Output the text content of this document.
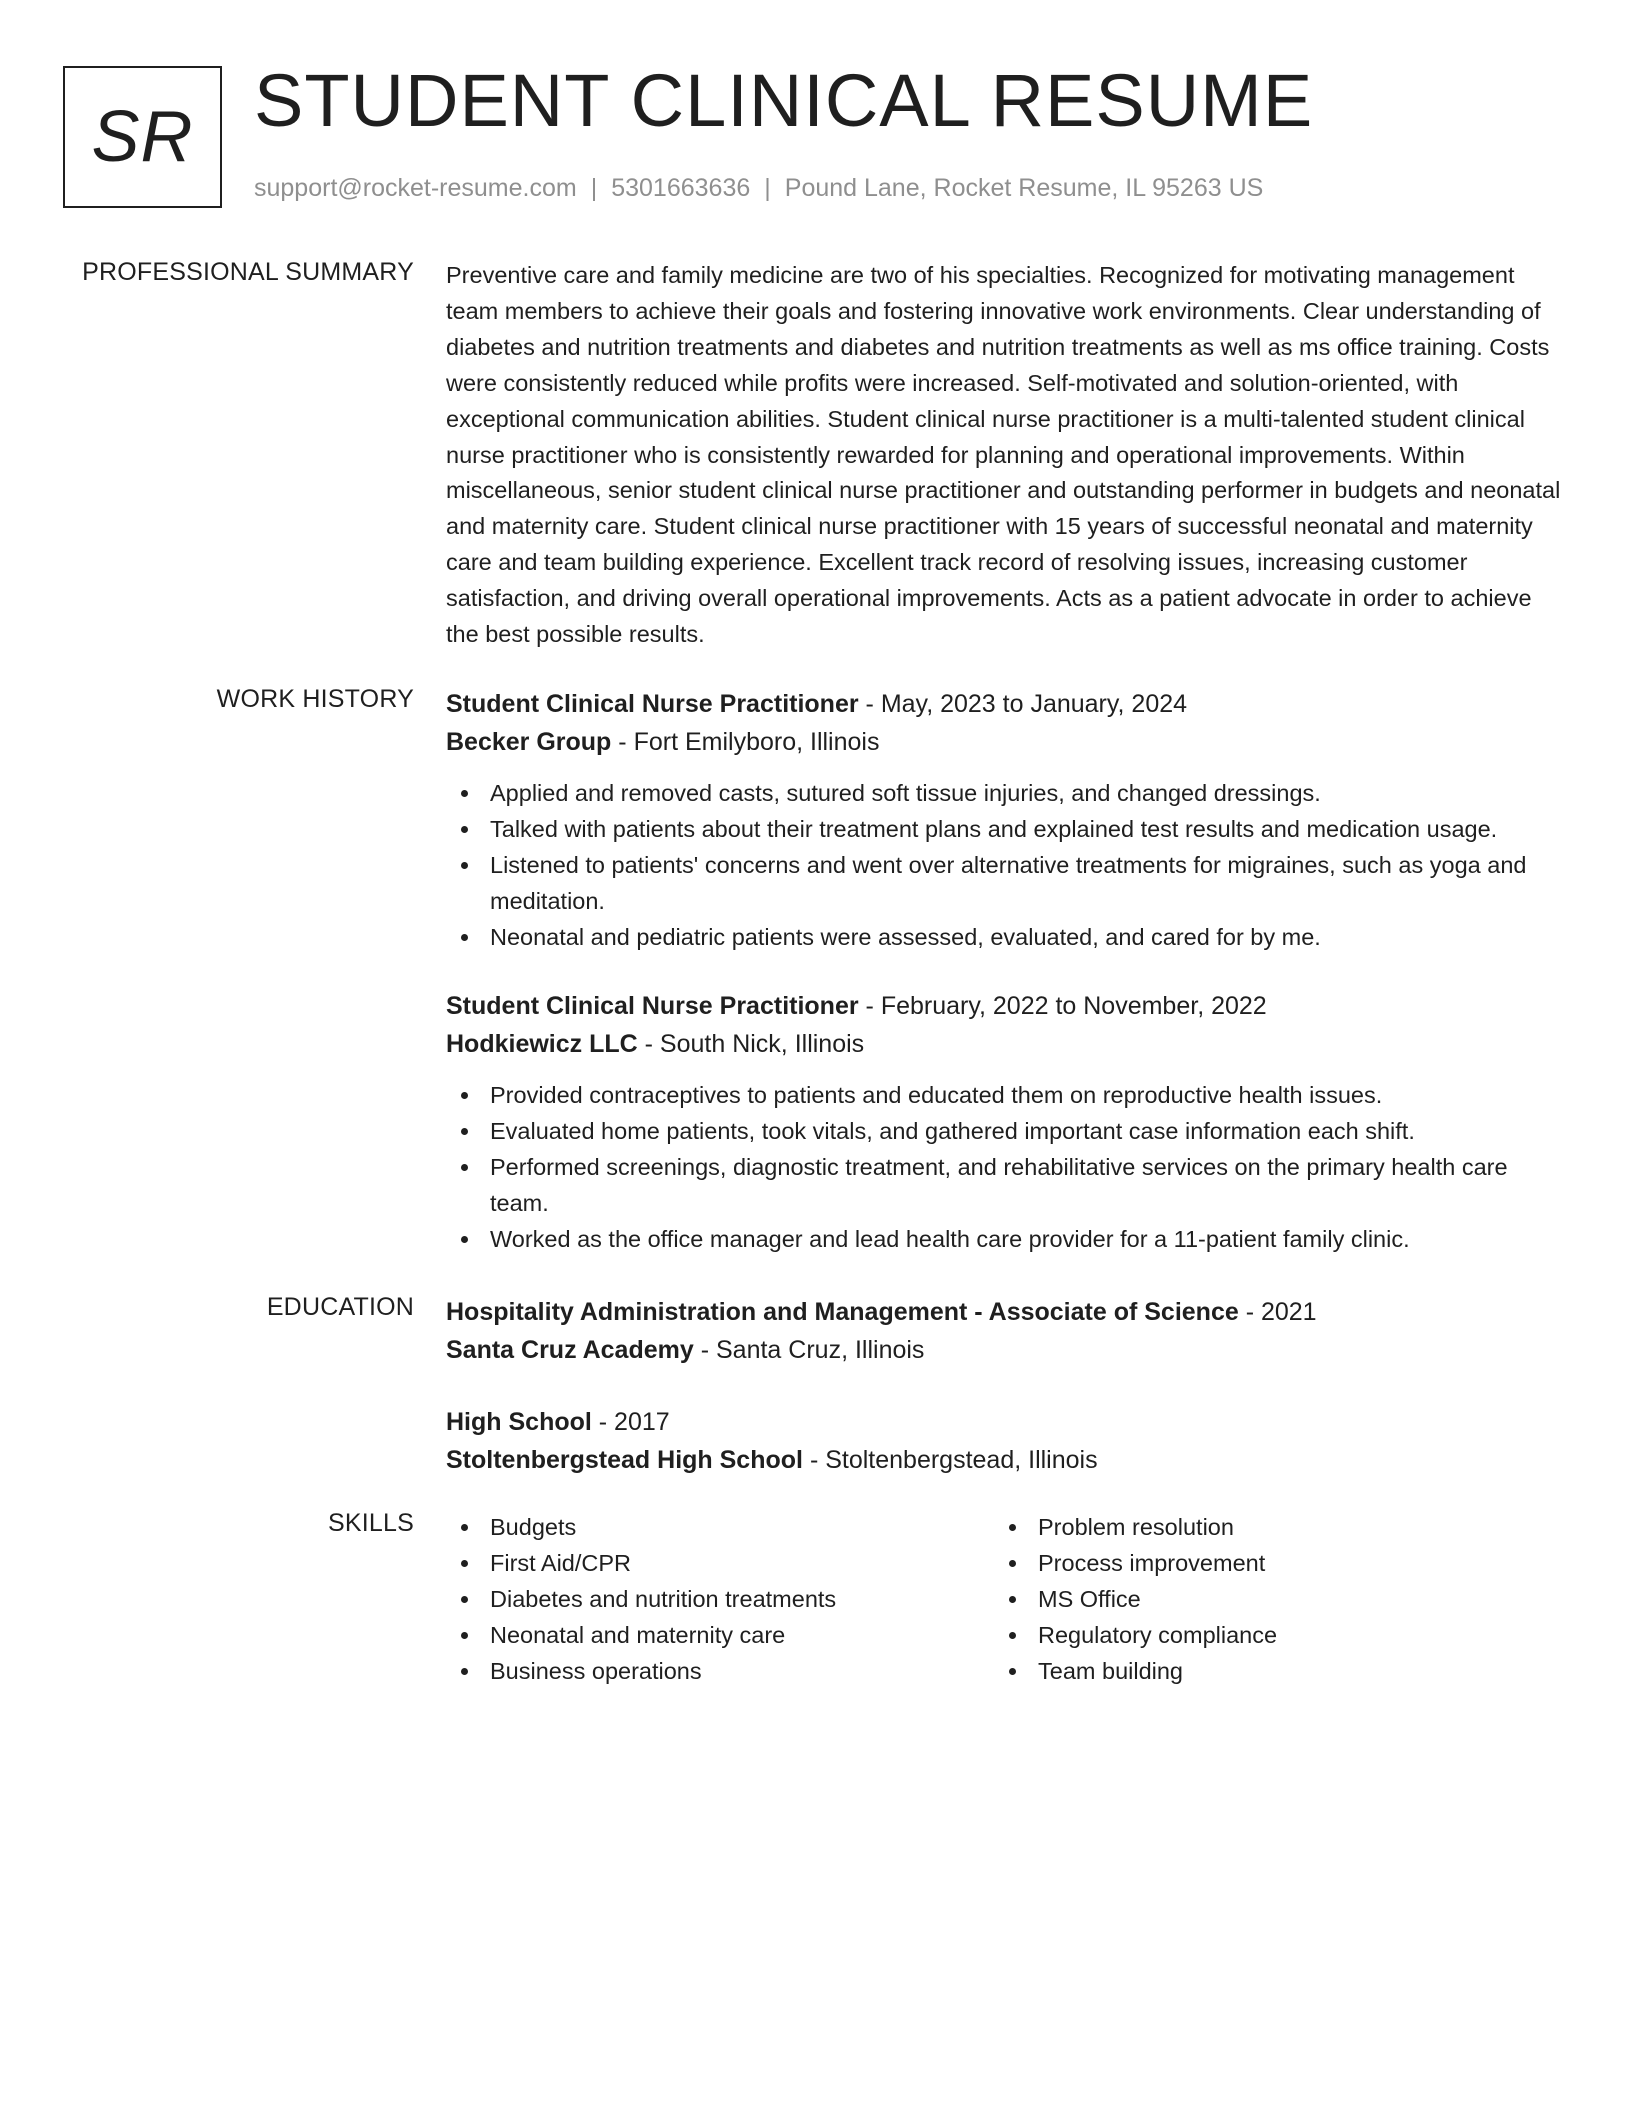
SR STUDENT CLINICAL RESUME
support@rocket-resume.com | 5301663636 | Pound Lane, Rocket Resume, IL 95263 US
PROFESSIONAL SUMMARY Preventive care and family medicine are two of his specialties. Recognized for motivating management team members to achieve their goals and fostering innovative work environments. Clear understanding of diabetes and nutrition treatments and diabetes and nutrition treatments as well as ms office training. Costs were consistently reduced while profits were increased. Self-motivated and solution-oriented, with exceptional communication abilities. Student clinical nurse practitioner is a multi-talented student clinical nurse practitioner who is consistently rewarded for planning and operational improvements. Within miscellaneous, senior student clinical nurse practitioner and outstanding performer in budgets and neonatal and maternity care. Student clinical nurse practitioner with 15 years of successful neonatal and maternity care and team building experience. Excellent track record of resolving issues, increasing customer satisfaction, and driving overall operational improvements. Acts as a patient advocate in order to achieve the best possible results.
WORK HISTORY Student Clinical Nurse Practitioner - May, 2023 to January, 2024
Becker Group - Fort Emilyboro, Illinois
Applied and removed casts, sutured soft tissue injuries, and changed dressings.
Talked with patients about their treatment plans and explained test results and medication usage.
Listened to patients' concerns and went over alternative treatments for migraines, such as yoga and meditation.
Neonatal and pediatric patients were assessed, evaluated, and cared for by me.
Student Clinical Nurse Practitioner - February, 2022 to November, 2022
Hodkiewicz LLC - South Nick, Illinois
Provided contraceptives to patients and educated them on reproductive health issues.
Evaluated home patients, took vitals, and gathered important case information each shift.
Performed screenings, diagnostic treatment, and rehabilitative services on the primary health care team.
Worked as the office manager and lead health care provider for a 11-patient family clinic.
EDUCATION Hospitality Administration and Management - Associate of Science - 2021
Santa Cruz Academy - Santa Cruz, Illinois
High School - 2017
Stoltenbergstead High School - Stoltenbergstead, Illinois
SKILLS	Budgets
First Aid/CPR
Diabetes and nutrition treatments
Neonatal and maternity care
Business operations
Problem resolution
Process improvement
MS Office
Regulatory compliance
Team building
